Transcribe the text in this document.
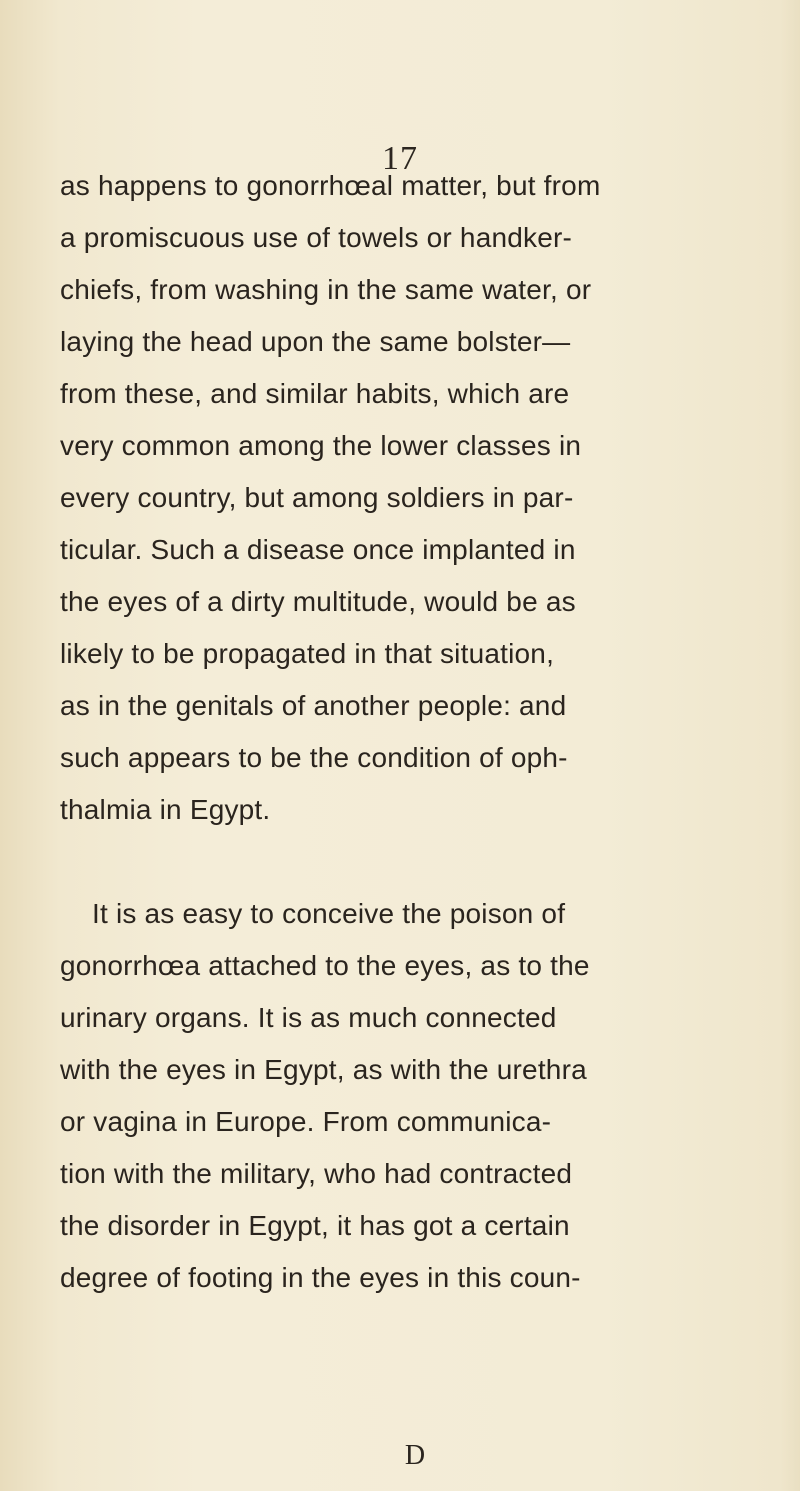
17
as happens to gonorrhœal matter, but from
a promiscuous use of towels or handker-
chiefs, from washing in the same water, or
laying the head upon the same bolster—
from these, and similar habits, which are
very common among the lower classes in
every country, but among soldiers in par-
ticular. Such a disease once implanted in
the eyes of a dirty multitude, would be as
likely to be propagated in that situation,
as in the genitals of another people: and
such appears to be the condition of oph-
thalmia in Egypt.
It is as easy to conceive the poison of
gonorrhœa attached to the eyes, as to the
urinary organs. It is as much connected
with the eyes in Egypt, as with the urethra
or vagina in Europe. From communica-
tion with the military, who had contracted
the disorder in Egypt, it has got a certain
degree of footing in the eyes in this coun-
D
